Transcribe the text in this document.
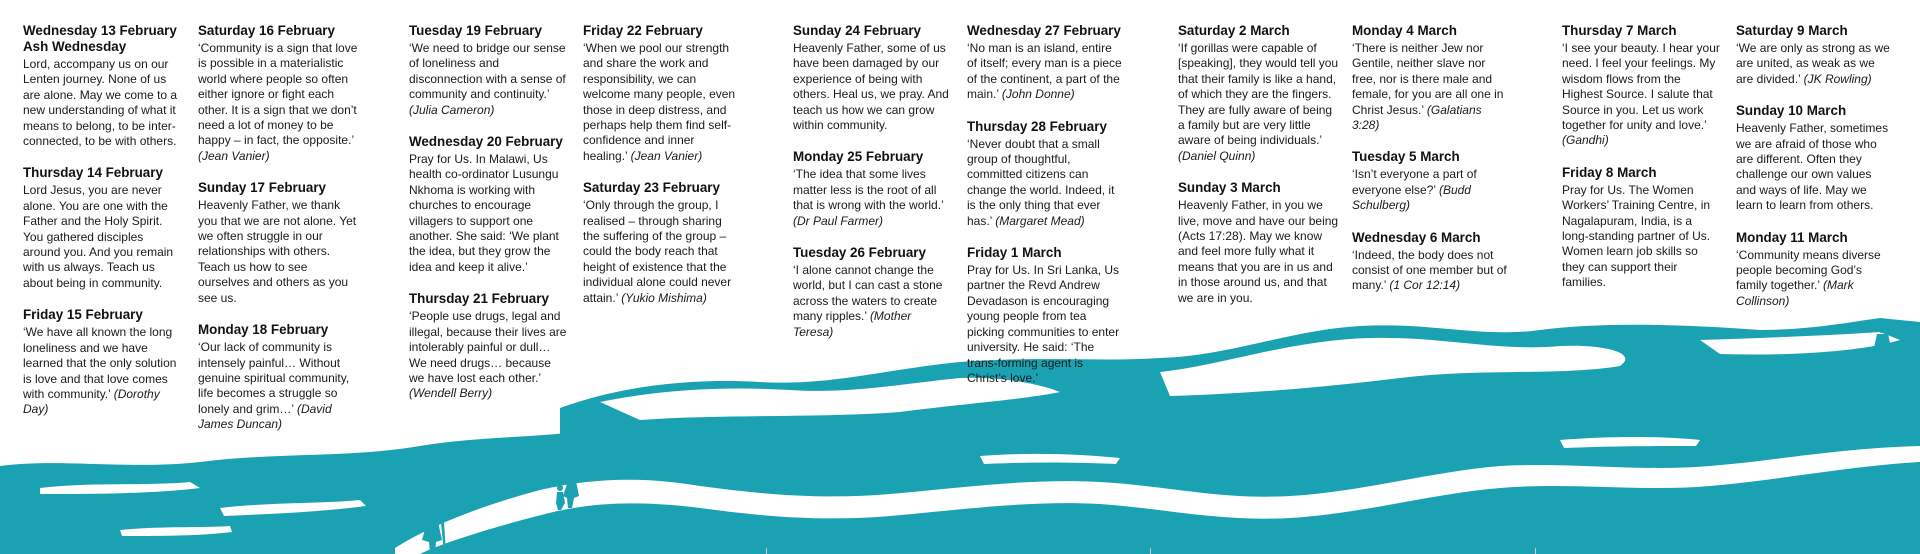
Wednesday 13 February
Ash Wednesday

Lord, accompany us on our Lenten journey. None of us are alone. May we come to a new understanding of what it means to belong, to be inter-connected, to be with others.

Thursday 14 February

Lord Jesus, you are never alone. You are one with the Father and the Holy Spirit. You gathered disciples around you. And you remain with us always. Teach us about being in community.

Friday 15 February

‘We have all known the long loneliness and we have learned that the only solution is love and that love comes with community.’ (Dorothy Day)

Saturday 16 February

‘Community is a sign that love is possible in a materialistic world where people so often either ignore or fight each other. It is a sign that we don’t need a lot of money to be happy – in fact, the opposite.’ (Jean Vanier)

Sunday 17 February

Heavenly Father, we thank you that we are not alone. Yet we often struggle in our relationships with others. Teach us how to see ourselves and others as you see us.

Monday 18 February

‘Our lack of community is intensely painful… Without genuine spiritual community, life becomes a struggle so lonely and grim…’ (David James Duncan)

Tuesday 19 February

‘We need to bridge our sense of loneliness and disconnection with a sense of community and continuity.’ (Julia Cameron)

Wednesday 20 February

Pray for Us. In Malawi, Us health co-ordinator Lusungu Nkhoma is working with churches to encourage villagers to support one another. She said: ‘We plant the idea, but they grow the idea and keep it alive.’

Thursday 21 February

‘People use drugs, legal and illegal, because their lives are intolerably painful or dull… We need drugs… because we have lost each other.’ (Wendell Berry)

Friday 22 February

‘When we pool our strength and share the work and responsibility, we can welcome many people, even those in deep distress, and perhaps help them find self-confidence and inner healing.’ (Jean Vanier)

Saturday 23 February

‘Only through the group, I realised – through sharing the suffering of the group – could the body reach that height of existence that the individual alone could never attain.’ (Yukio Mishima)

Sunday 24 February

Heavenly Father, some of us have been damaged by our experience of being with others. Heal us, we pray. And teach us how we can grow within community.

Monday 25 February

‘The idea that some lives matter less is the root of all that is wrong with the world.’ (Dr Paul Farmer)

Tuesday 26 February

‘I alone cannot change the world, but I can cast a stone across the waters to create many ripples.’ (Mother Teresa)

Wednesday 27 February

‘No man is an island, entire of itself; every man is a piece of the continent, a part of the main.’ (John Donne)

Thursday 28 February

‘Never doubt that a small group of thoughtful, committed citizens can change the world. Indeed, it is the only thing that ever has.’ (Margaret Mead)

Friday 1 March

Pray for Us. In Sri Lanka, Us partner the Revd Andrew Devadason is encouraging young people from tea picking communities to enter university. He said: ‘The trans-forming agent is Christ’s love.’

Saturday 2 March

‘If gorillas were capable of [speaking], they would tell you that their family is like a hand, of which they are the fingers. They are fully aware of being a family but are very little aware of being individuals.’ (Daniel Quinn)

Sunday 3 March

Heavenly Father, in you we live, move and have our being (Acts 17:28). May we know and feel more fully what it means that you are in us and in those around us, and that we are in you.

Monday 4 March

‘There is neither Jew nor Gentile, neither slave nor free, nor is there male and female, for you are all one in Christ Jesus.’ (Galatians 3:28)

Tuesday 5 March

‘Isn’t everyone a part of everyone else?’ (Budd Schulberg)

Wednesday 6 March

‘Indeed, the body does not consist of one member but of many.’ (1 Cor 12:14)

Thursday 7 March

‘I see your beauty. I hear your need. I feel your feelings. My wisdom flows from the Highest Source. I salute that Source in you. Let us work together for unity and love.’ (Gandhi)

Friday 8 March

Pray for Us. The Women Workers’ Training Centre, in Nagalapuram, India, is a long-standing partner of Us. Women learn job skills so they can support their families.

Saturday 9 March

‘We are only as strong as we are united, as weak as we are divided.’ (JK Rowling)

Sunday 10 March

Heavenly Father, sometimes we are afraid of those who are different. Often they challenge our own values and ways of life. May we learn to learn from others.

Monday 11 March

‘Community means diverse people becoming God’s family together.’ (Mark Collinson)
